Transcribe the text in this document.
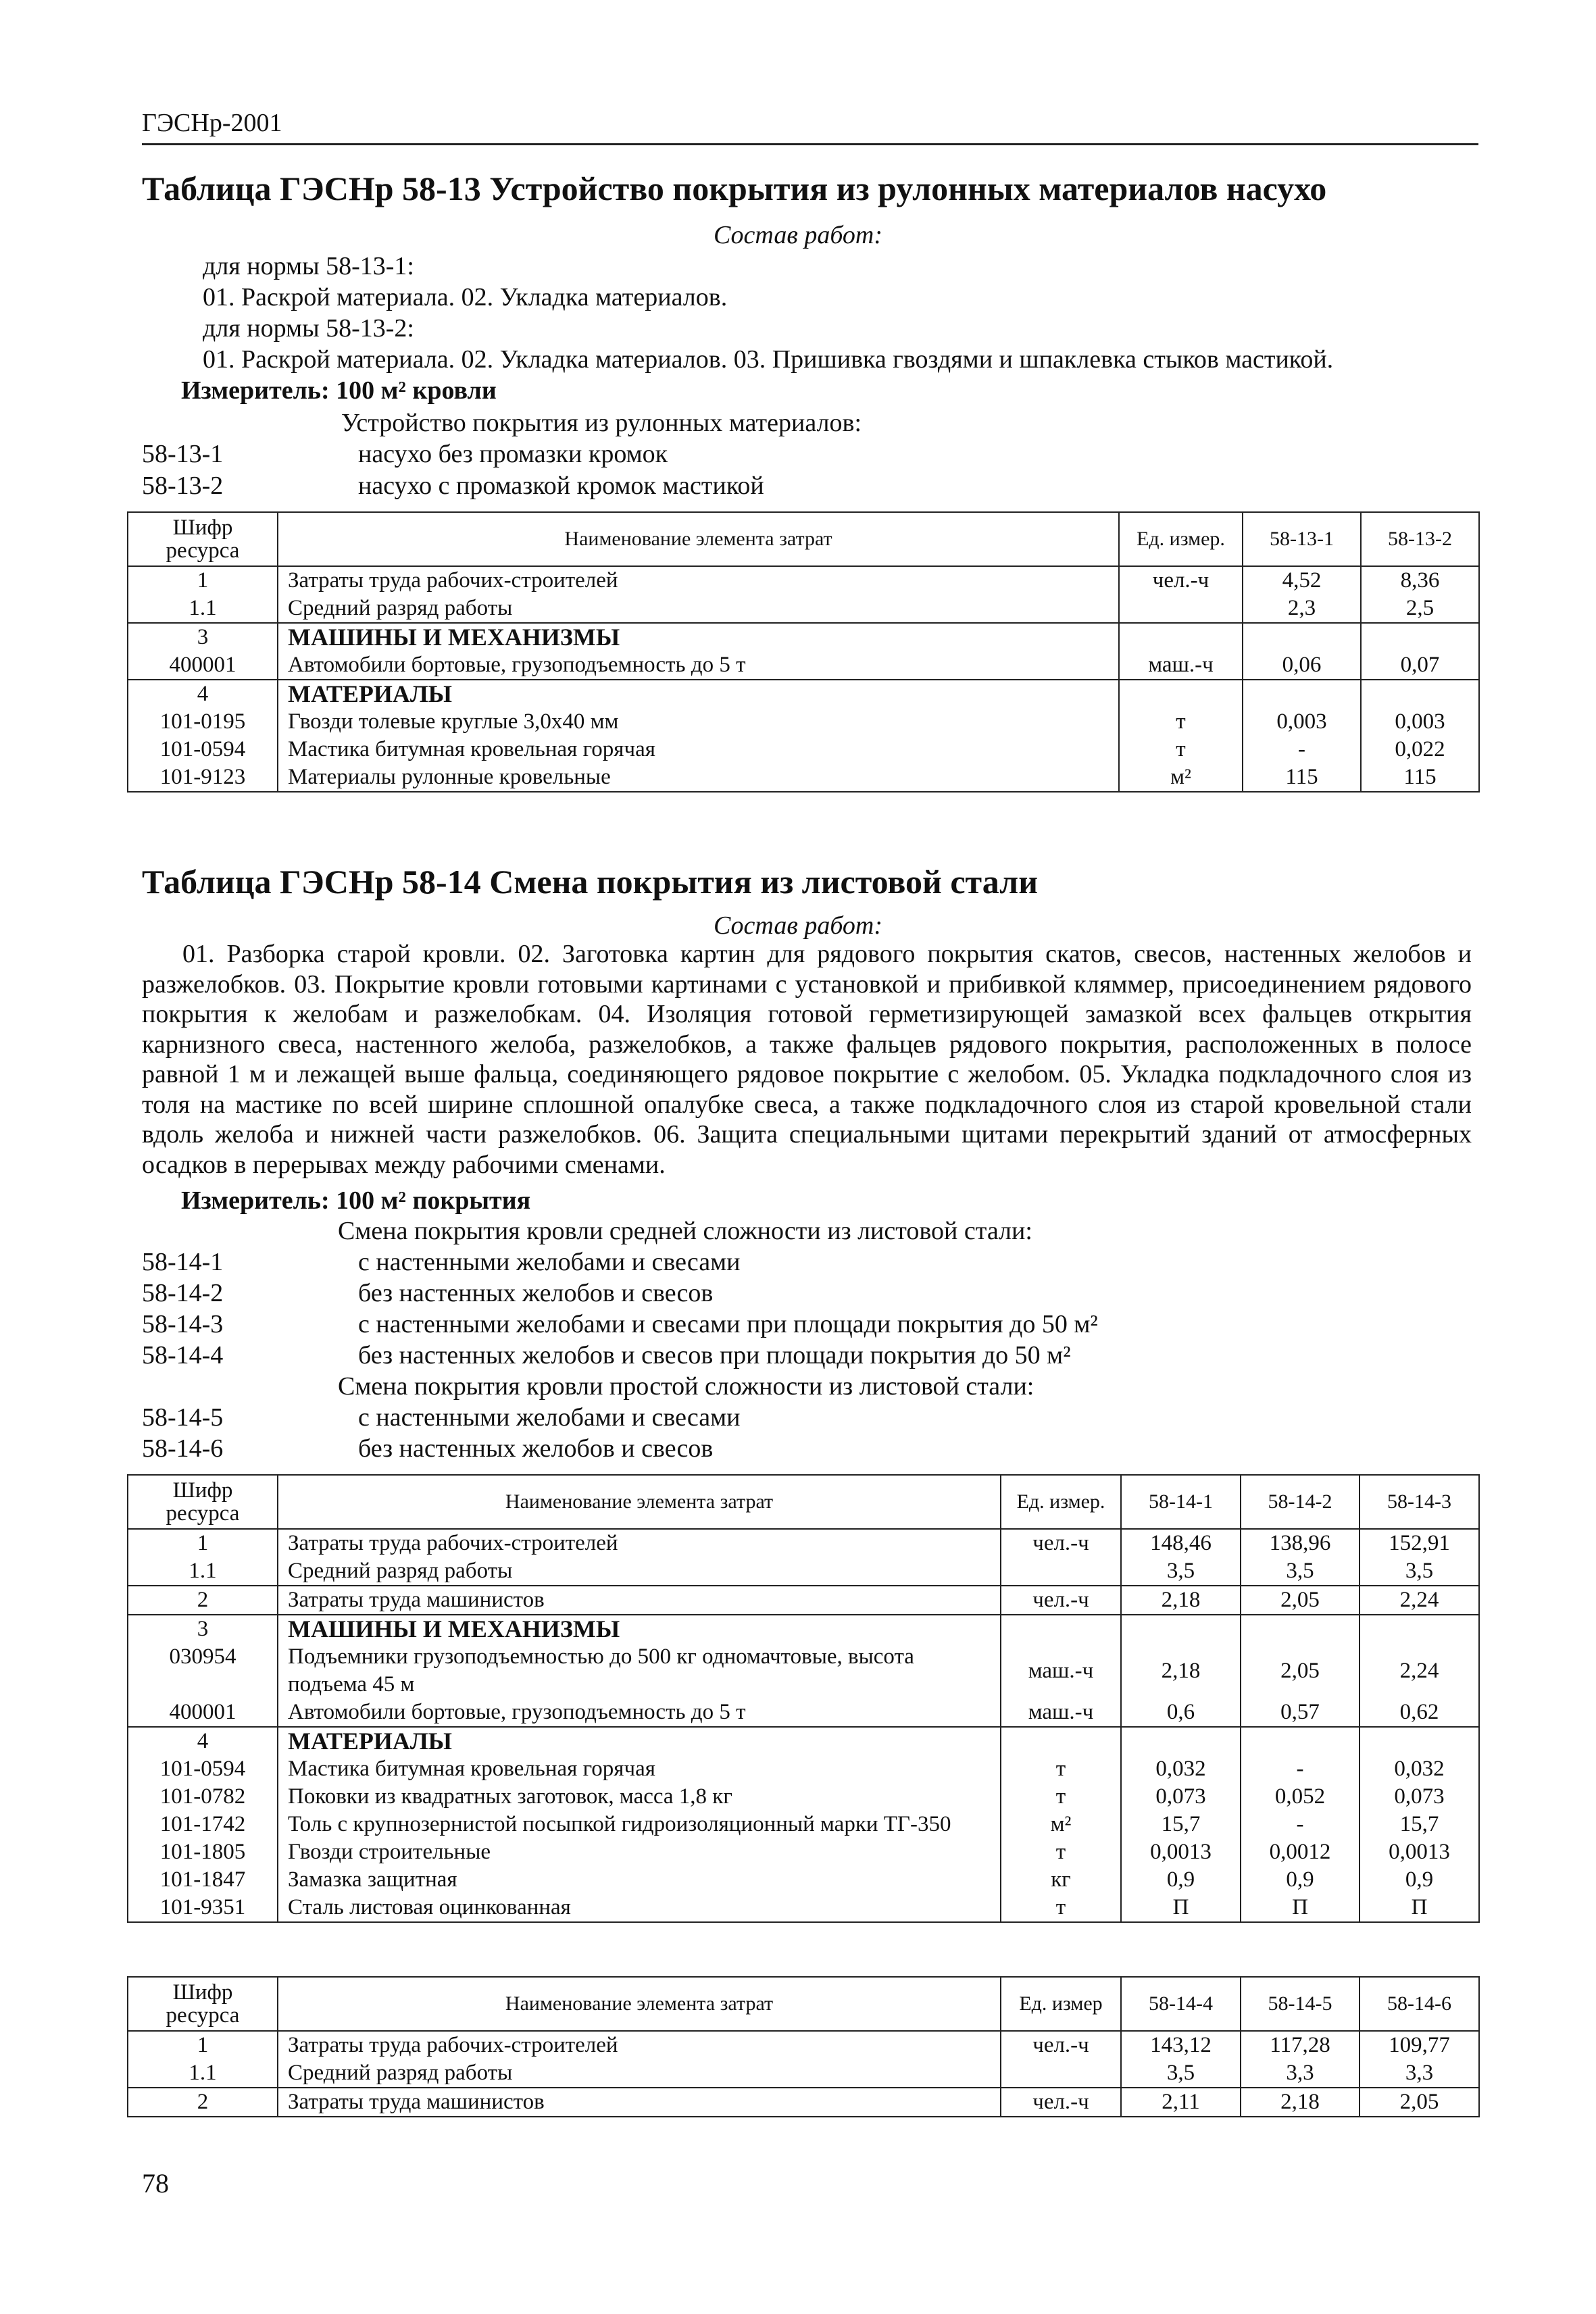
ГЭСНр-2001
Таблица ГЭСНр 58-13 Устройство покрытия из рулонных материалов насухо
Состав работ:
для нормы 58-13-1:
01. Раскрой материала. 02. Укладка материалов.
для нормы 58-13-2:
01. Раскрой материала. 02. Укладка материалов. 03. Пришивка гвоздями и шпаклевка стыков мастикой.
Измеритель: 100 м² кровли
Устройство покрытия из рулонных материалов:
58-13-1	насухо без промазки кромок
58-13-2	насухо с промазкой кромок мастикой
Шифр ресурса	Наименование элемента затрат	Ед. измер.	58-13-1	58-13-2
1	Затраты труда рабочих-строителей	чел.-ч	4,52	8,36
1.1	Средний разряд работы		2,3	2,5
3	МАШИНЫ И МЕХАНИЗМЫ			
400001	Автомобили бортовые, грузоподъемность до 5 т	маш.-ч	0,06	0,07
4	МАТЕРИАЛЫ			
101-0195	Гвозди толевые круглые 3,0х40 мм	т	0,003	0,003
101-0594	Мастика битумная кровельная горячая	т	-	0,022
101-9123	Материалы рулонные кровельные	м²	115	115
Таблица ГЭСНр 58-14 Смена покрытия из листовой стали
Состав работ:
01. Разборка старой кровли. 02. Заготовка картин для рядового покрытия скатов, свесов, настенных желобов и разжелобков. 03. Покрытие кровли готовыми картинами с установкой и прибивкой кляммер, присоединением рядового покрытия к желобам и разжелобкам. 04. Изоляция готовой герметизирующей замазкой всех фальцев открытия карнизного свеса, настенного желоба, разжелобков, а также фальцев рядового покрытия, расположенных в полосе равной 1 м и лежащей выше фальца, соединяющего рядовое покрытие с желобом. 05. Укладка подкладочного слоя из толя на мастике по всей ширине сплошной опалубке свеса, а также подкладочного слоя из старой кровельной стали вдоль желоба и нижней части разжелобков. 06. Защита специальными щитами перекрытий зданий от атмосферных осадков в перерывах между рабочими сменами.
Измеритель: 100 м² покрытия
Смена покрытия кровли средней сложности из листовой стали:
58-14-1	с настенными желобами и свесами
58-14-2	без настенных желобов и свесов
58-14-3	с настенными желобами и свесами при площади покрытия до 50 м²
58-14-4	без настенных желобов и свесов при площади покрытия до 50 м²
Смена покрытия кровли простой сложности из листовой стали:
58-14-5	с настенными желобами и свесами
58-14-6	без настенных желобов и свесов
Шифр ресурса	Наименование элемента затрат	Ед. измер.	58-14-1	58-14-2	58-14-3
1	Затраты труда рабочих-строителей	чел.-ч	148,46	138,96	152,91
1.1	Средний разряд работы		3,5	3,5	3,5
2	Затраты труда машинистов	чел.-ч	2,18	2,05	2,24
3	МАШИНЫ И МЕХАНИЗМЫ				
030954	Подъемники грузоподъемностью до 500 кг одномачтовые, высота подъема 45 м	маш.-ч	2,18	2,05	2,24
400001	Автомобили бортовые, грузоподъемность до 5 т	маш.-ч	0,6	0,57	0,62
4	МАТЕРИАЛЫ				
101-0594	Мастика битумная кровельная горячая	т	0,032	-	0,032
101-0782	Поковки из квадратных заготовок, масса 1,8 кг	т	0,073	0,052	0,073
101-1742	Толь с крупнозернистой посыпкой гидроизоляционный марки ТГ-350	м²	15,7	-	15,7
101-1805	Гвозди строительные	т	0,0013	0,0012	0,0013
101-1847	Замазка защитная	кг	0,9	0,9	0,9
101-9351	Сталь листовая оцинкованная	т	П	П	П
Шифр ресурса	Наименование элемента затрат	Ед. измер	58-14-4	58-14-5	58-14-6
1	Затраты труда рабочих-строителей	чел.-ч	143,12	117,28	109,77
1.1	Средний разряд работы		3,5	3,3	3,3
2	Затраты труда машинистов	чел.-ч	2,11	2,18	2,05
78
